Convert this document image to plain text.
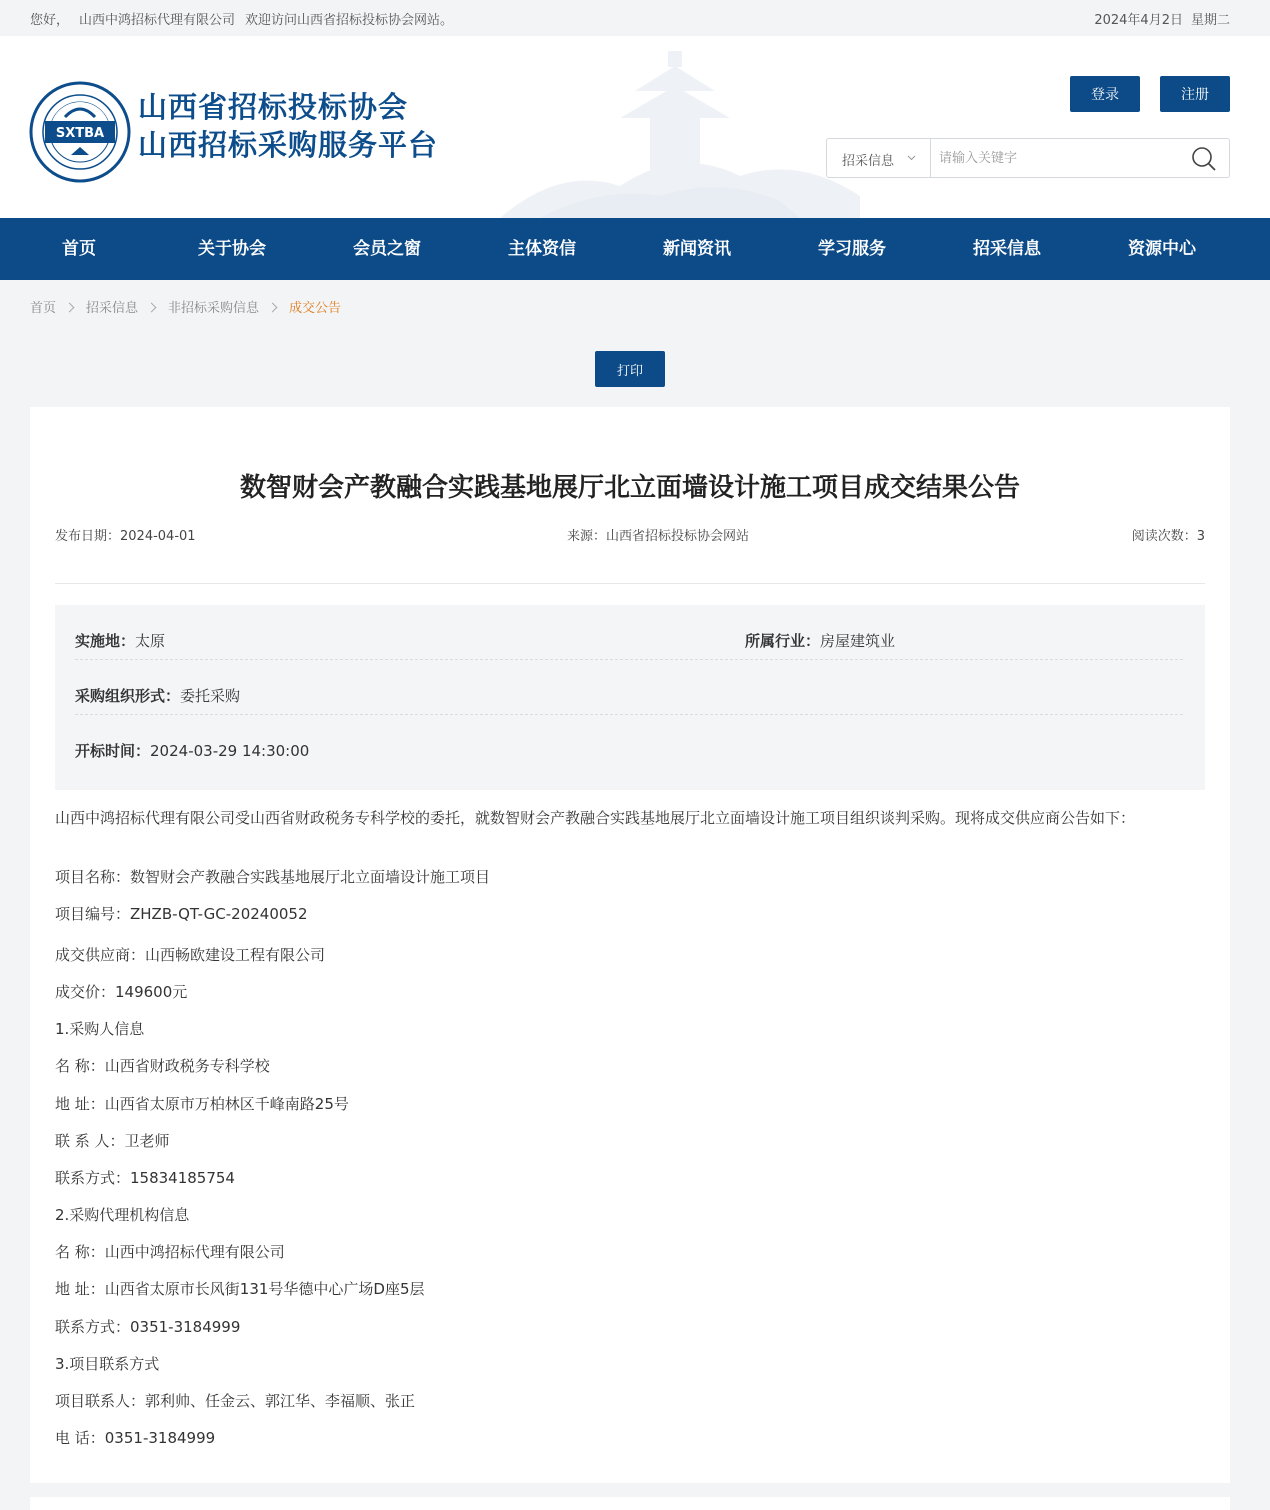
您好， 山西中鸿招标代理有限公司 欢迎访问山西省招标投标协会网站。	2024年4月2日 星期二
SXTBA
山西省招标投标协会
山西招标采购服务平台
登录	注册
招采信息
请输入关键字
首页	关于协会	会员之窗	主体资信	新闻资讯	学习服务	招采信息	资源中心
首页 招采信息 非招标采购信息 成交公告
打印
数智财会产教融合实践基地展厅北立面墙设计施工项目成交结果公告
发布日期：2024-04-01	来源：山西省招标投标协会网站	阅读次数：3
实施地：太原	所属行业：房屋建筑业
采购组织形式：委托采购
开标时间：2024-03-29 14:30:00
山西中鸿招标代理有限公司受山西省财政税务专科学校的委托，就数智财会产教融合实践基地展厅北立面墙设计施工项目组织谈判采购。现将成交供应商公告如下：
项目名称：数智财会产教融合实践基地展厅北立面墙设计施工项目
项目编号：ZHZB-QT-GC-20240052
成交供应商：山西畅欧建设工程有限公司
成交价：149600元
1.采购人信息
名 称：山西省财政税务专科学校
地 址：山西省太原市万柏林区千峰南路25号
联 系 人：卫老师
联系方式：15834185754
2.采购代理机构信息
名 称：山西中鸿招标代理有限公司
地 址：山西省太原市长风街131号华德中心广场D座5层
联系方式：0351-3184999
3.项目联系方式
项目联系人：郭利帅、任金云、郭江华、李福顺、张正
电 话：0351-3184999
